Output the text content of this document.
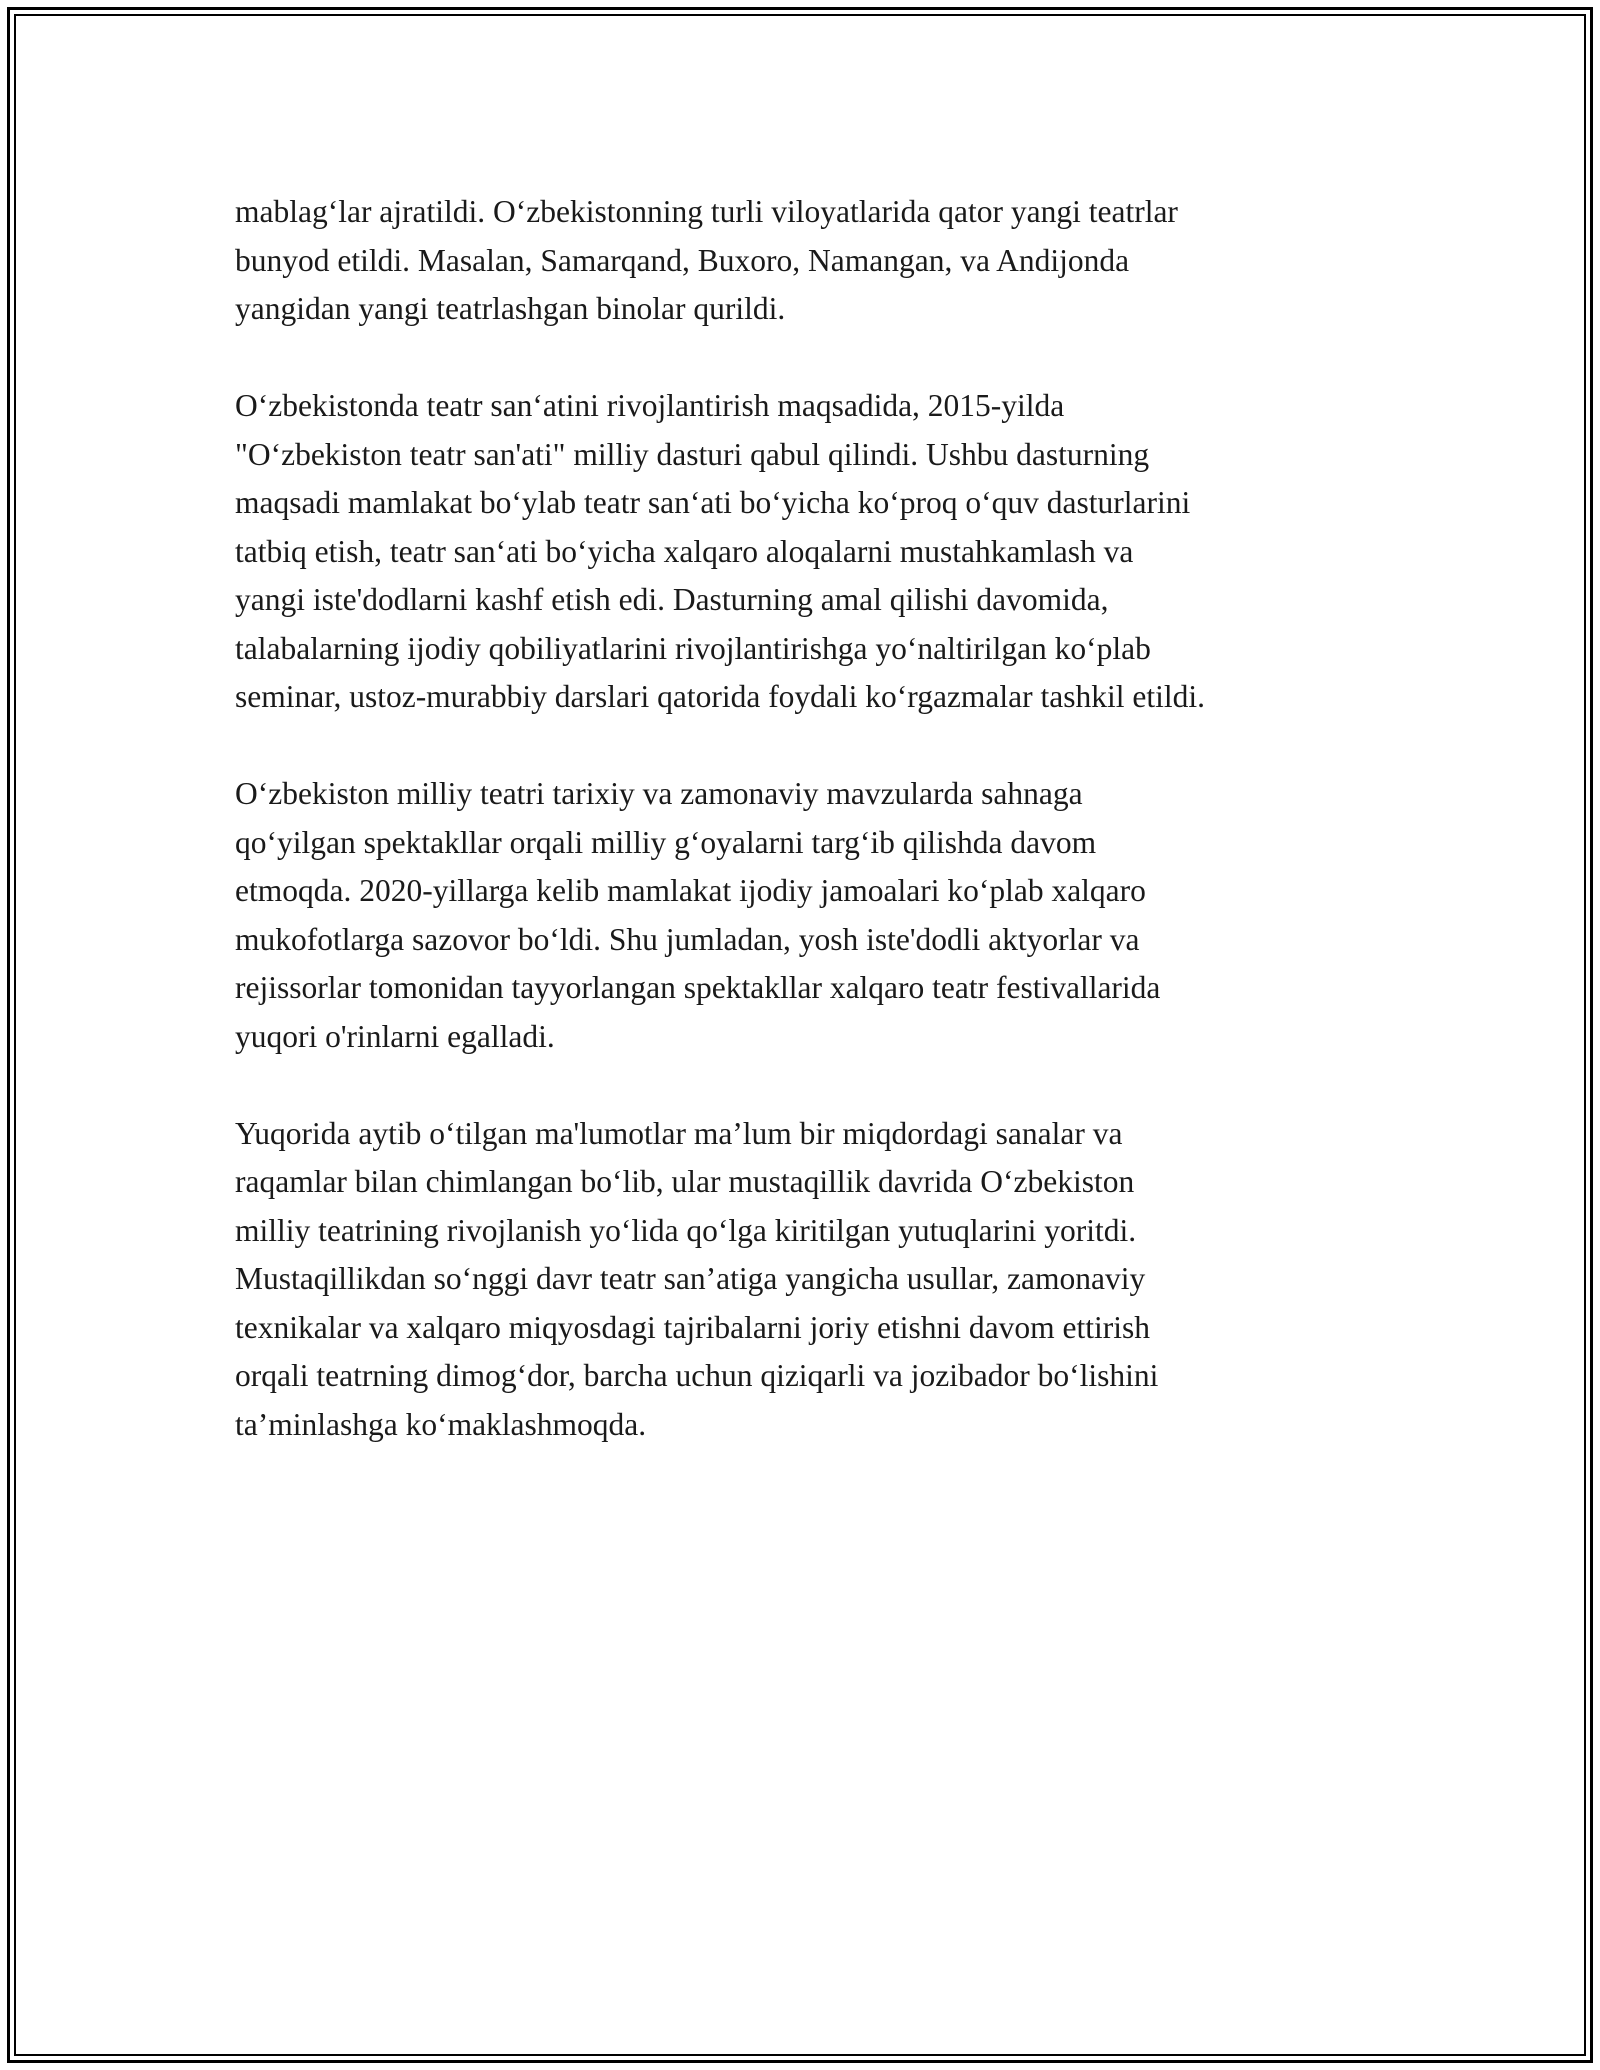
mablag‘lar ajratildi. O‘zbekistonning turli viloyatlarida qator yangi teatrlar
bunyod etildi. Masalan, Samarqand, Buxoro, Namangan, va Andijonda
yangidan yangi teatrlashgan binolar qurildi.

O‘zbekistonda teatr san‘atini rivojlantirish maqsadida, 2015-yilda
"O‘zbekiston teatr san'ati" milliy dasturi qabul qilindi. Ushbu dasturning
maqsadi mamlakat bo‘ylab teatr san‘ati bo‘yicha ko‘proq o‘quv dasturlarini
tatbiq etish, teatr san‘ati bo‘yicha xalqaro aloqalarni mustahkamlash va
yangi iste'dodlarni kashf etish edi. Dasturning amal qilishi davomida,
talabalarning ijodiy qobiliyatlarini rivojlantirishga yo‘naltirilgan ko‘plab
seminar, ustoz-murabbiy darslari qatorida foydali ko‘rgazmalar tashkil etildi.

O‘zbekiston milliy teatri tarixiy va zamonaviy mavzularda sahnaga
qo‘yilgan spektakllar orqali milliy g‘oyalarni targ‘ib qilishda davom
etmoqda. 2020-yillarga kelib mamlakat ijodiy jamoalari ko‘plab xalqaro
mukofotlarga sazovor bo‘ldi. Shu jumladan, yosh iste'dodli aktyorlar va
rejissorlar tomonidan tayyorlangan spektakllar xalqaro teatr festivallarida
yuqori o'rinlarni egalladi.

Yuqorida aytib o‘tilgan ma'lumotlar ma’lum bir miqdordagi sanalar va
raqamlar bilan chimlangan bo‘lib, ular mustaqillik davrida O‘zbekiston
milliy teatrining rivojlanish yo‘lida qo‘lga kiritilgan yutuqlarini yoritdi.
Mustaqillikdan so‘nggi davr teatr san’atiga yangicha usullar, zamonaviy
texnikalar va xalqaro miqyosdagi tajribalarni joriy etishni davom ettirish
orqali teatrning dimog‘dor, barcha uchun qiziqarli va jozibador bo‘lishini
ta’minlashga ko‘maklashmoqda.
